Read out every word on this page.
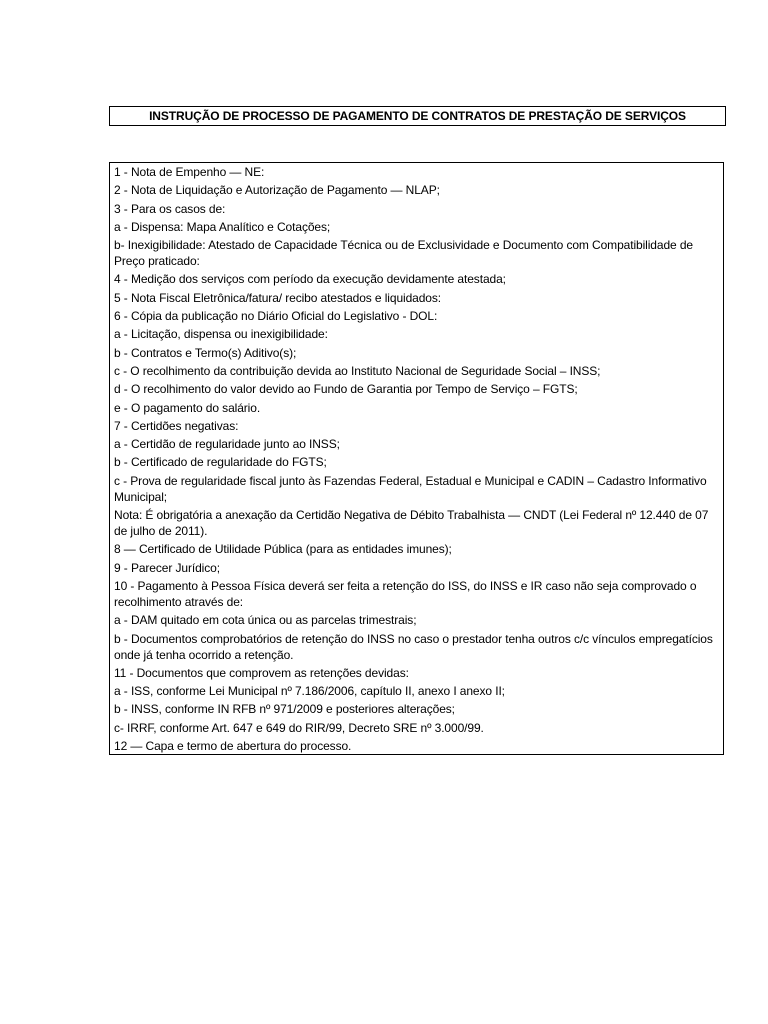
INSTRUÇÃO DE PROCESSO DE PAGAMENTO DE CONTRATOS DE PRESTAÇÃO DE SERVIÇOS
1 - Nota de Empenho — NE:
2 - Nota de Liquidação e Autorização de Pagamento — NLAP;
3 - Para os casos de:
a - Dispensa: Mapa Analítico e Cotações;
b- Inexigibilidade: Atestado de Capacidade Técnica ou de Exclusividade e Documento com Compatibilidade de Preço praticado:
4 - Medição dos serviços com período da execução devidamente atestada;
5 - Nota Fiscal Eletrônica/fatura/ recibo atestados e liquidados:
6 - Cópia da publicação no Diário Oficial do Legislativo - DOL:
a - Licitação, dispensa ou inexigibilidade:
b - Contratos e Termo(s) Aditivo(s);
c - O recolhimento da contribuição devida ao Instituto Nacional de Seguridade Social – INSS;
d - O recolhimento do valor devido ao Fundo de Garantia por Tempo de Serviço – FGTS;
e - O pagamento do salário.
7 - Certidões negativas:
a - Certidão de regularidade junto ao INSS;
b - Certificado de regularidade do FGTS;
c - Prova de regularidade fiscal junto às Fazendas Federal, Estadual e Municipal e CADIN – Cadastro Informativo Municipal;
Nota: É obrigatória a anexação da Certidão Negativa de Débito Trabalhista — CNDT (Lei Federal nº 12.440 de 07 de julho de 2011).
8 — Certificado de Utilidade Pública (para as entidades imunes);
9 - Parecer Jurídico;
10 - Pagamento à Pessoa Física deverá ser feita a retenção do ISS, do INSS e IR caso não seja comprovado o recolhimento através de:
a - DAM quitado em cota única ou as parcelas trimestrais;
b - Documentos comprobatórios de retenção do INSS no caso o prestador tenha outros c/c vínculos empregatícios onde já tenha ocorrido a retenção.
11 - Documentos que comprovem as retenções devidas:
a - ISS, conforme Lei Municipal nº 7.186/2006, capítulo II, anexo I anexo II;
b - INSS, conforme IN RFB nº 971/2009 e posteriores alterações;
c- IRRF, conforme Art. 647 e 649 do RIR/99, Decreto SRE nº 3.000/99.
12 — Capa e termo de abertura do processo.
